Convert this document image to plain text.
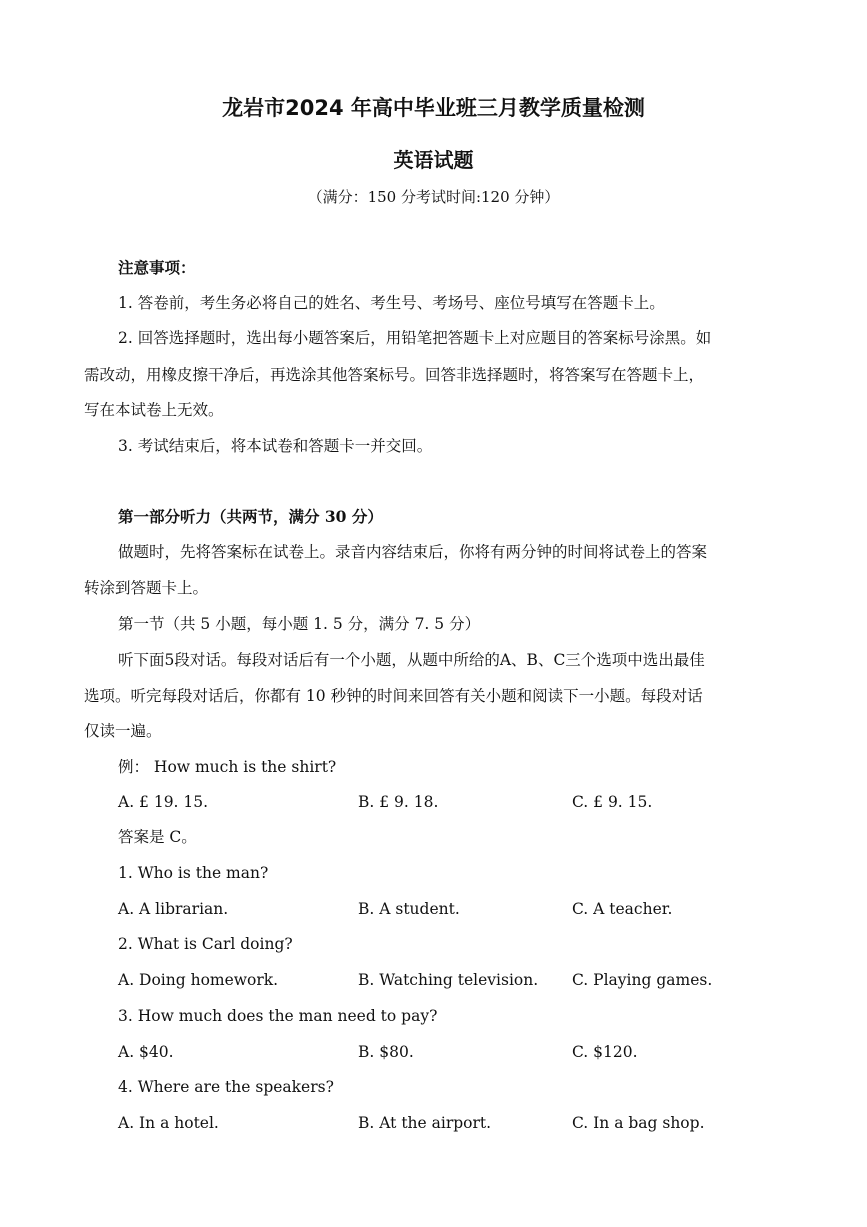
龙岩市2024 年高中毕业班三月教学质量检测
英语试题
（满分：150 分考试时间:120 分钟）
注意事项：
1. 答卷前，考生务必将自己的姓名、考生号、考场号、座位号填写在答题卡上。
2. 回答选择题时，选出每小题答案后，用铅笔把答题卡上对应题目的答案标号涂黑。如
需改动，用橡皮擦干净后，再选涂其他答案标号。回答非选择题时，将答案写在答题卡上，
写在本试卷上无效。
3. 考试结束后，将本试卷和答题卡一并交回。
第一部分听力（共两节，满分 30 分）
做题时，先将答案标在试卷上。录音内容结束后，你将有两分钟的时间将试卷上的答案
转涂到答题卡上。
第一节（共 5 小题，每小题 1. 5 分，满分 7. 5 分）
听下面5段对话。每段对话后有一个小题，从题中所给的A、B、C三个选项中选出最佳
选项。听完每段对话后，你都有 10 秒钟的时间来回答有关小题和阅读下一小题。每段对话
仅读一遍。
例： How much is the shirt?
A. £ 19. 15.	B. £ 9. 18.	C. £ 9. 15.
答案是 C。
1. Who is the man?
A. A librarian.	B. A student.	C. A teacher.
2. What is Carl doing?
A. Doing homework.	B. Watching television. C. Playing games.
3. How much does the man need to pay?
A. $40.	B. $80.	C. $120.
4. Where are the speakers?
A. In a hotel.	B. At the airport.	C. In a bag shop.
